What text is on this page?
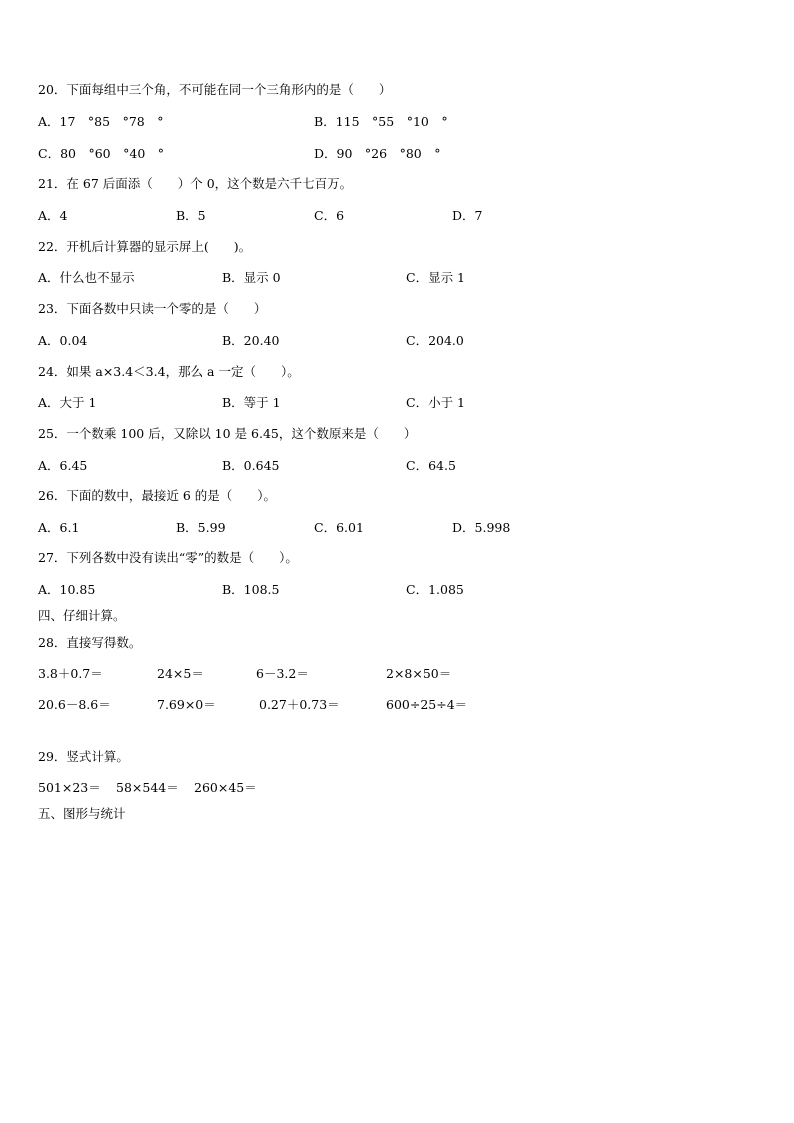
20．下面每组中三个角，不可能在同一个三角形内的是（　　）
A．17　°85　°78　°	B．115　°55　°10　°
C．80　°60　°40　°	D．90　°26　°80　°
21．在 67 后面添（　　）个 0，这个数是六千七百万。
A．4	B．5	C．6	D．7
22．开机后计算器的显示屏上(　　)。
A．什么也不显示	B．显示 0	C．显示 1
23．下面各数中只读一个零的是（　　）
A．0.04	B．20.40	C．204.0
24．如果 a×3.4＜3.4，那么 a 一定（　　）。
A．大于 1	B．等于 1	C．小于 1
25．一个数乘 100 后，又除以 10 是 6.45，这个数原来是（　　）
A．6.45	B．0.645	C．64.5
26．下面的数中，最接近 6 的是（　　）。
A．6.1	B．5.99	C．6.01	D．5.998
27．下列各数中没有读出“零”的数是（　　）。
A．10.85	B．108.5	C．1.085
四、仔细计算。
28．直接写得数。
3.8＋0.7＝	24×5＝	6－3.2＝	2×8×50＝
20.6－8.6＝	7.69×0＝	0.27＋0.73＝	600÷25÷4＝
29．竖式计算。
501×23＝ 58×544＝ 260×45＝
五、图形与统计
